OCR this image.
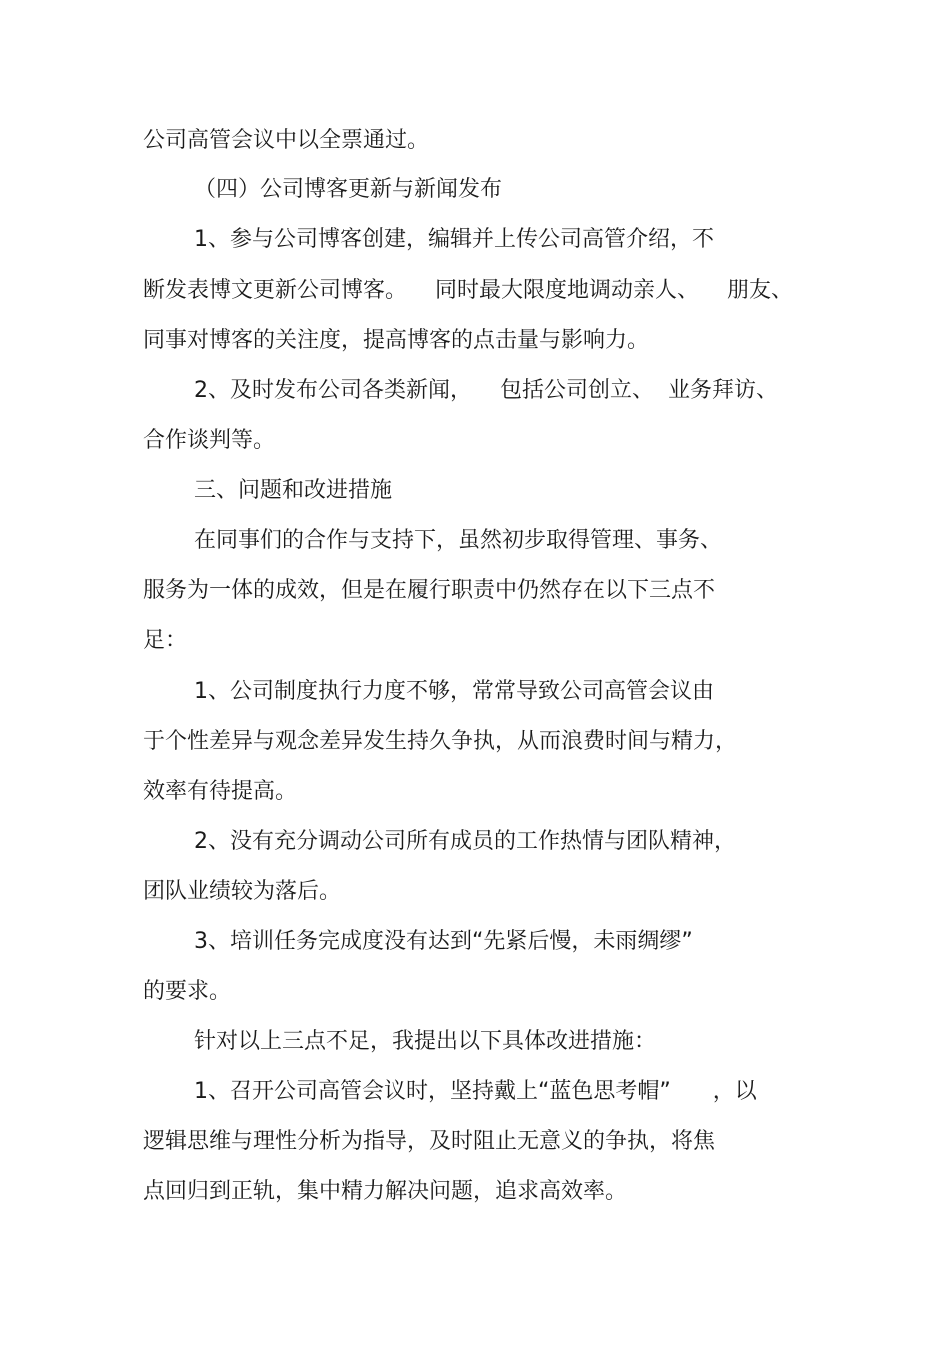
公司高管会议中以全票通过。

（四）公司博客更新与新闻发布

1、参与公司博客创建，编辑并上传公司高管介绍，不

断发表博文更新公司博客。    同时最大限度地调动亲人、    朋友、

同事对博客的关注度，提高博客的点击量与影响力。

2、及时发布公司各类新闻，    包括公司创立、  业务拜访、

合作谈判等。

三、问题和改进措施

在同事们的合作与支持下，虽然初步取得管理、事务、

服务为一体的成效，但是在履行职责中仍然存在以下三点不

足：

1、公司制度执行力度不够，常常导致公司高管会议由

于个性差异与观念差异发生持久争执，从而浪费时间与精力，

效率有待提高。

2、没有充分调动公司所有成员的工作热情与团队精神，

团队业绩较为落后。

3、培训任务完成度没有达到“先紧后慢，未雨绸缪”

的要求。

针对以上三点不足，我提出以下具体改进措施：

1、召开公司高管会议时，坚持戴上“蓝色思考帽”      ，以

逻辑思维与理性分析为指导，及时阻止无意义的争执，将焦

点回归到正轨，集中精力解决问题，追求高效率。
